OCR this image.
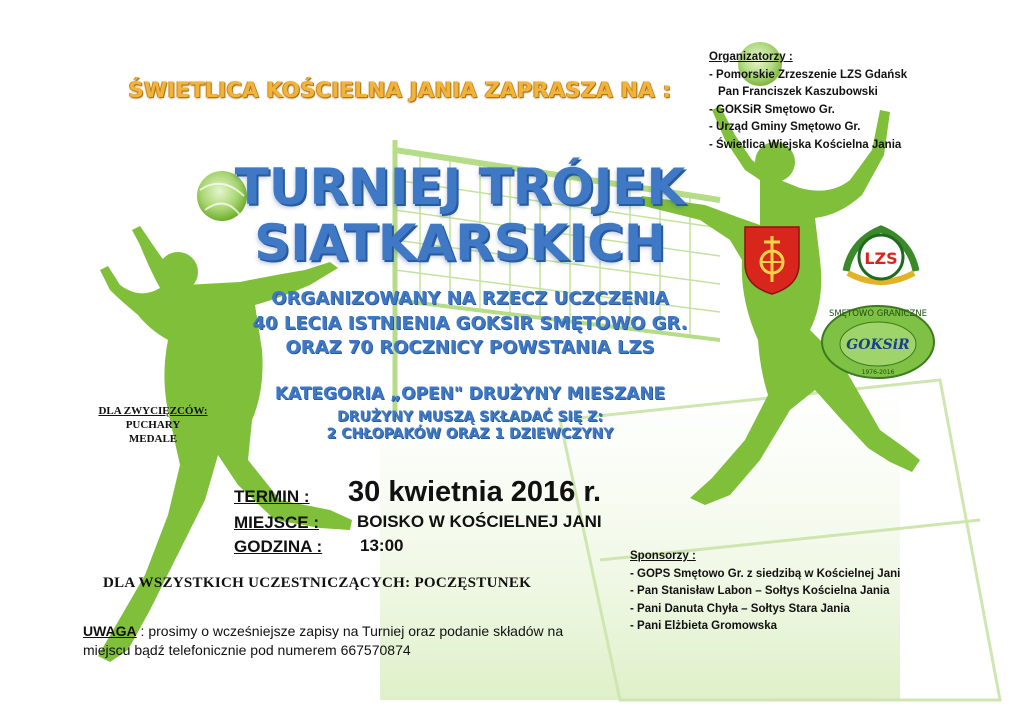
ŚWIETLICA KOŚCIELNA JANIA ZAPRASZA NA :
TURNIEJ TRÓJEK
SIATKARSKICH
ORGANIZOWANY NA RZECZ UCZCZENIA
40 LECIA ISTNIENIA GOKSIR SMĘTOWO GR.
ORAZ 70 ROCZNICY POWSTANIA LZS
KATEGORIA „OPEN" DRUŻYNY MIESZANE
DRUŻYNY MUSZĄ SKŁADAĆ SIĘ Z:
2 CHŁOPAKÓW ORAZ 1 DZIEWCZYNY
Organizatorzy :
- Pomorskie Zrzeszenie LZS Gdańsk
Pan Franciszek Kaszubowski
- GOKSiR Smętowo Gr.
- Urząd Gminy Smętowo Gr.
- Świetlica Wiejska Kościelna Jania
LZS
SMĘTOWO GRANICZNE
GOKSiR
1976-2016
DLA ZWYCIĘZCÓW:
PUCHARY
MEDALE
TERMIN : 30 kwietnia 2016 r.
MIEJSCE : BOISKO W KOŚCIELNEJ JANI
GODZINA : 13:00
DLA WSZYSTKICH UCZESTNICZĄCYCH: POCZĘSTUNEK
UWAGA : prosimy o wcześniejsze zapisy na Turniej oraz podanie składów na miejscu bądź telefonicznie pod numerem 667570874
Sponsorzy :
- GOPS Smętowo Gr. z siedzibą w Kościelnej Jani
- Pan Stanisław Labon – Sołtys Kościelna Jania
- Pani Danuta Chyła – Sołtys Stara Jania
- Pani Elżbieta Gromowska
